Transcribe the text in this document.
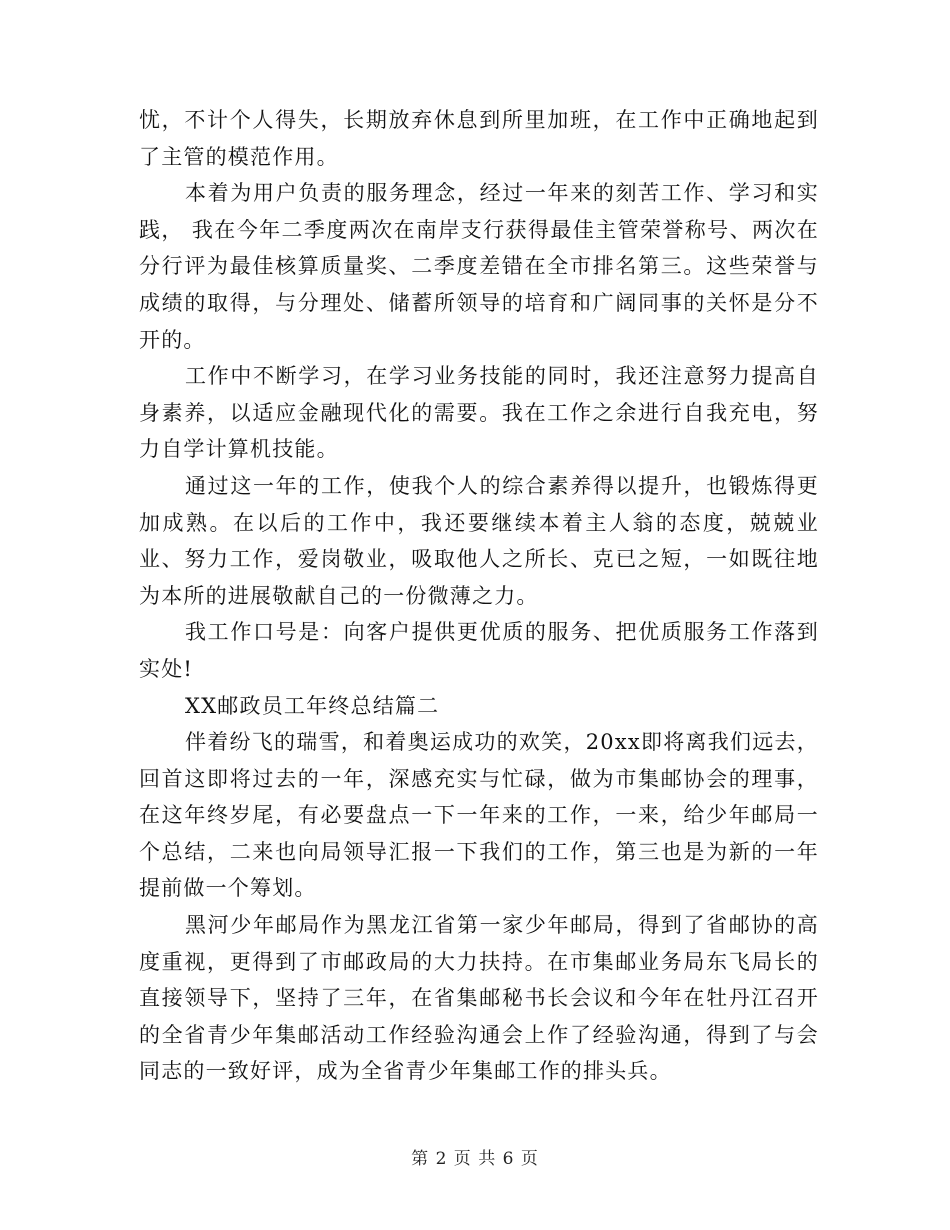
忧，不计个人得失，长期放弃休息到所里加班，在工作中正确地起到了主管的模范作用。

本着为用户负责的服务理念，经过一年来的刻苦工作、学习和实践， 我在今年二季度两次在南岸支行获得最佳主管荣誉称号、两次在分行评为最佳核算质量奖、二季度差错在全市排名第三。这些荣誉与成绩的取得，与分理处、储蓄所领导的培育和广阔同事的关怀是分不开的。

工作中不断学习，在学习业务技能的同时，我还注意努力提高自身素养，以适应金融现代化的需要。我在工作之余进行自我充电，努力自学计算机技能。

通过这一年的工作，使我个人的综合素养得以提升，也锻炼得更加成熟。在以后的工作中，我还要继续本着主人翁的态度，兢兢业业、努力工作，爱岗敬业，吸取他人之所长、克已之短，一如既往地为本所的进展敬献自己的一份微薄之力。

我工作口号是：向客户提供更优质的服务、把优质服务工作落到实处!

XX邮政员工年终总结篇二

伴着纷飞的瑞雪，和着奥运成功的欢笑，20xx即将离我们远去，回首这即将过去的一年，深感充实与忙碌，做为市集邮协会的理事，在这年终岁尾，有必要盘点一下一年来的工作，一来，给少年邮局一个总结，二来也向局领导汇报一下我们的工作，第三也是为新的一年提前做一个筹划。

黑河少年邮局作为黑龙江省第一家少年邮局，得到了省邮协的高度重视，更得到了市邮政局的大力扶持。在市集邮业务局东飞局长的直接领导下，坚持了三年，在省集邮秘书长会议和今年在牡丹江召开的全省青少年集邮活动工作经验沟通会上作了经验沟通，得到了与会同志的一致好评，成为全省青少年集邮工作的排头兵。

第 2 页 共 6 页
